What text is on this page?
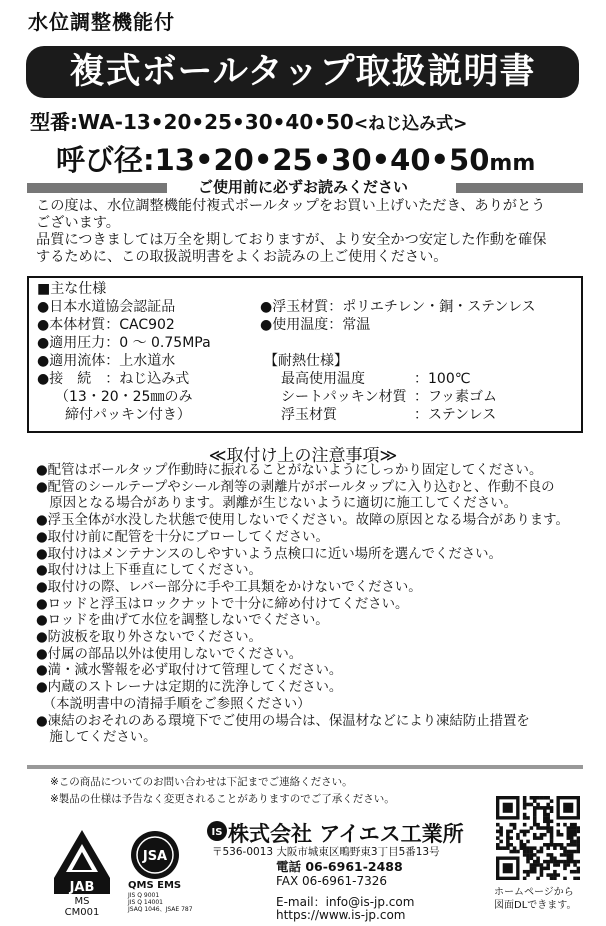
水位調整機能付
複式ボールタップ取扱説明書
型番:WA-13•20•25•30•40•50<ねじ込み式>
呼び径:13•20•25•30•40•50mm
ご使用前に必ずお読みください
この度は、水位調整機能付複式ボールタップをお買い上げいただき、ありがとう
ございます。
品質につきましては万全を期しておりますが、より安全かつ安定した作動を確保
するために、この取扱説明書をよくお読みの上ご使用ください。
■主な仕様
●日本水道協会認証品
●本体材質：CAC902
●適用圧力：0 ～ 0.75MPa
●適用流体：上水道水
●接　続　：ねじ込み式
（13・20・25㎜のみ
締付パッキン付き）
●浮玉材質：ポリエチレン・銅・ステンレス
●使用温度：常温
【耐熱仕様】
最高使用温度	：100℃
シートパッキン材質 ：フッ素ゴム
浮玉材質	：ステンレス
≪取付け上の注意事項≫
●配管はボールタップ作動時に振れることがないようにしっかり固定してください。
●配管のシールテープやシール剤等の剥離片がボールタップに入り込むと、作動不良の
　原因となる場合があります。剥離が生じないように適切に施工してください。
●浮玉全体が水没した状態で使用しないでください。故障の原因となる場合があります。
●取付け前に配管を十分にブローしてください。
●取付けはメンテナンスのしやすいよう点検口に近い場所を選んでください。
●取付けは上下垂直にしてください。
●取付けの際、レバー部分に手や工具類をかけないでください。
●ロッドと浮玉はロックナットで十分に締め付けてください。
●ロッドを曲げて水位を調整しないでください。
●防波板を取り外さないでください。
●付属の部品以外は使用しないでください。
●満・減水警報を必ず取付けて管理してください。
●内蔵のストレーナは定期的に洗浄してください。
　（本説明書中の清掃手順をご参照ください）
●凍結のおそれのある環境下でご使用の場合は、保温材などにより凍結防止措置を
　施してください。
※この商品についてのお問い合わせは下記までご連絡ください。
※製品の仕様は予告なく変更されることがありますのでご了承ください。
JAB
MS
CM001
JSA
QMS EMS
JIS Q 9001
JIS Q 14001
JSAQ 1046、JSAE 787
IS 株式会社 アイエス工業所
〒536-0013 大阪市城東区鴫野東3丁目5番13号
電話 06-6961-2488
FAX 06-6961-7326
E-mail：info@is-jp.com
https://www.is-jp.com
ホームページから
図面DLできます。
